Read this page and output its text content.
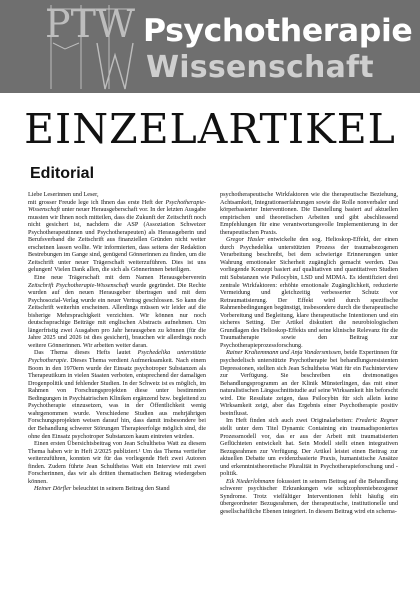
PTW Psychotherapie
Wissenschaft
EINZELARTIKEL
Editorial

Liebe Leserinnen und Leser,

mit grosser Freude lege ich Ihnen das erste Heft der Psychotherapie-Wissenschaft unter neuer Herausgeberschaft vor. In der letzten Ausgabe mussten wir Ihnen noch mitteilen, dass die Zukunft der Zeitschrift noch nicht gesichert ist, nachdem die ASP (Assoziation Schweizer Psychotherapeutinnen und Psychotherapeuten) als Herausgeberin und Berufsverband die Zeitschrift aus finanziellen Gründen nicht weiter erscheinen lassen wollte. Wir informierten, dass seitens der Redaktion Bestrebungen im Gange sind, genügend Gönnerinnen zu finden, um die Zeitschrift unter neuer Trägerschaft weiterzuführen. Dies ist uns gelungen! Vielen Dank allen, die sich als Gönnerinnen beteiligen.

Eine neue Trägerschaft mit dem Namen Herausgeberverein Zeitschrift Psychotherapie-Wissenschaft wurde gegründet. Die Rechte wurden auf den neuen Herausgeber übertragen und mit dem Psychosozial-Verlag wurde ein neuer Vertrag geschlossen. So kann die Zeitschrift weiterhin erscheinen. Allerdings müssen wir leider auf die bisherige Mehrsprachigkeit verzichten. Wir können nur noch deutschsprachige Beiträge mit englischen Abstracts aufnehmen. Um längerfristig zwei Ausgaben pro Jahr herausgeben zu können (für die Jahre 2025 und 2026 ist dies gesichert), brauchen wir allerdings noch weitere Gönnerinnen. Wir arbeiten weiter daran.

Das Thema dieses Hefts lautet Psychedelika unterstützte Psychotherapie. Dieses Thema verdient Aufmerksamkeit. Nach einem Boom in den 1970ern wurde der Einsatz psychotroper Substanzen als Therapeutikum in vielen Staaten verboten, entsprechend der damaligen Drogenpolitik und fehlender Studien. In der Schweiz ist es möglich, im Rahmen von Forschungsprojekten diese unter bestimmten Bedingungen in Psychiatrischen Kliniken ergänzend bzw. begleitend zu Psychotherapie einzusetzen, was in der Öffentlichkeit wenig wahrgenommen wurde. Verschiedene Studien aus mehrjährigen Forschungsprojekten weisen darauf hin, dass damit insbesondere bei der Behandlung schwerer Störungen Therapieerfolge möglich sind, die ohne den Einsatz psychotroper Substanzen kaum eintreten würden.

Einen ersten Übersichtsbeitrag von Jean Schultheiss Watt zu diesem Thema haben wir in Heft 2/2025 publiziert.¹ Um das Thema vertiefter weiterzuführen, konnten wir für das vorliegende Heft zwei Autoren finden. Zudem führte Jean Schultheiss Watt ein Interview mit zwei Forscherinnen, das wir als dritten thematischen Beitrag wiedergeben können.

Heiner Dörfler beleuchtet in seinem Beitrag den Stand

psychotherapeutische Wirkfaktoren wie die therapeutische Beziehung, Achtsamkeit, Integrationserfahrungen sowie die Rolle nonverbaler und körperbasierter Interventionen. Die Darstellung basiert auf aktuellen empirischen und theoretischen Arbeiten und gibt abschliessend Empfehlungen für eine verantwortungsvolle Implementierung in der therapeutischen Praxis.

Gregor Hasler entwickelte den sog. Helioskop-Effekt, der einen durch Psychedelika unterstützten Prozess der traumabezogenen Verarbeitung beschreibt, bei dem schwierige Erinnerungen unter Wahrung emotionaler Sicherheit zugänglich gemacht werden. Das vorliegende Konzept basiert auf qualitativen und quantitativen Studien mit Substanzen wie Psilocybin, LSD und MDMA. Es identifiziert drei zentrale Wirkfaktoren: erhöhte emotionale Zugänglichkeit, reduzierte Vermeidung und gleichzeitig verbesserter Schutz vor Retraumatisierung. Der Effekt wird durch spezifische Rahmenbedingungen begünstigt, insbesondere durch die therapeutische Vorbereitung und Begleitung, klare therapeutische Intentionen und ein sicheres Setting. Der Artikel diskutiert die neurobiologischen Grundlagen des Helioskop-Effekts und seine klinische Relevanz für die Traumatherapie sowie den Beitrag zur Psychotherapieprozessforschung.

Rainer Kraltemmann und Anja Vandersmissen, beide Expertinnen für psychedelisch unterstützte Psychotherapie bei behandlungsresistenten Depressionen, stellten sich Jean Schultheiss Watt für ein Fachinterview zur Verfügung. Sie beschreiben ein dreimonatiges Behandlungsprogramm an der Klinik Münsterlingen, das mit einer naturalistischen Längsschnittstudie auf seine Wirksamkeit hin beforscht wird. Die Resultate zeigen, dass Psilocybin für sich allein keine Wirksamkeit zeigt, aber das Ergebnis einer Psychotherapie positiv beeinflusst.

Im Heft finden sich auch zwei Originalarbeiten: Frederic Regner stellt unter dem Titel Dynamic Containing ein traumadisponiertes Prozessmodell vor, das er aus der Arbeit mit traumatisierten Geflüchteten entwickelt hat. Sein Modell stellt einen integrativen Bezugsrahmen zur Verfügung. Der Artikel leistet einen Beitrag zur aktuellen Debatte um evidenzbasierte Praxis, humanistische Ansätze und erkenntnistheoretische Pluralität in Psychotherapieforschung und -politik.

Eik Niederlohmann fokussiert in seinem Beitrag auf die Behandlung schwerer psychischer Erkrankungen wie schizophreniebezogener Syndrome. Trotz vielfältiger Interventionen fehlt häufig ein übergeordneter Bezugsrahmen, der therapeutische, institutionelle und gesellschaftliche Ebenen integriert. In diesem Beitrag wird ein schema-
